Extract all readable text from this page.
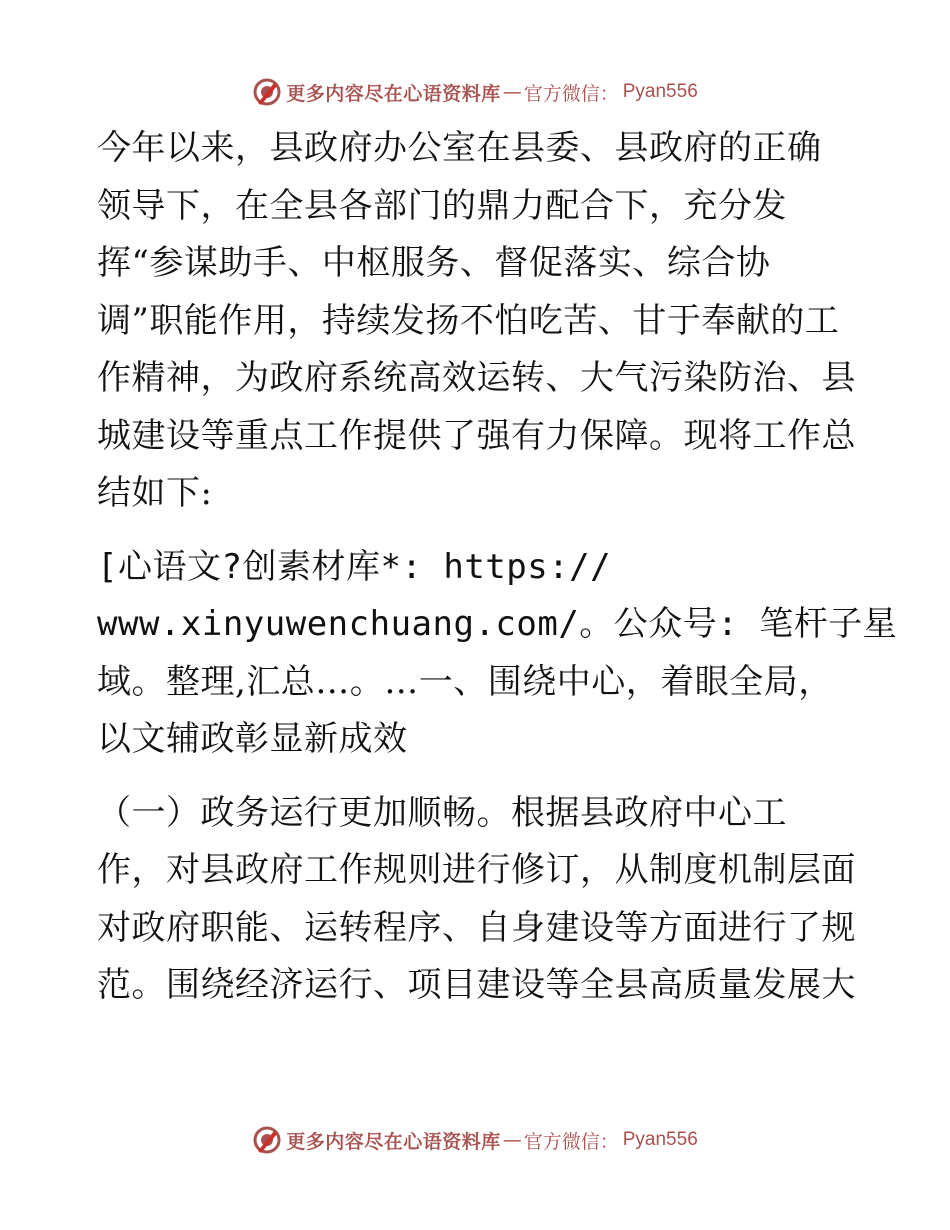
更多内容尽在心语资料库 — 官方微信： Pyan556
今年以来，县政府办公室在县委、县政府的正确
领导下，在全县各部门的鼎力配合下，充分发
挥“参谋助手、中枢服务、督促落实、综合协
调”职能作用，持续发扬不怕吃苦、甘于奉献的工
作精神，为政府系统高效运转、大气污染防治、县
城建设等重点工作提供了强有力保障。现将工作总
结如下:
[心语文?创素材库*: https://
www.xinyuwenchuang.com/。公众号: 笔杆子星
域。整理,汇总…。…一、围绕中心，着眼全局，
以文辅政彰显新成效
（一）政务运行更加顺畅。根据县政府中心工
作，对县政府工作规则进行修订，从制度机制层面
对政府职能、运转程序、自身建设等方面进行了规
范。围绕经济运行、项目建设等全县高质量发展大
更多内容尽在心语资料库 — 官方微信： Pyan556
